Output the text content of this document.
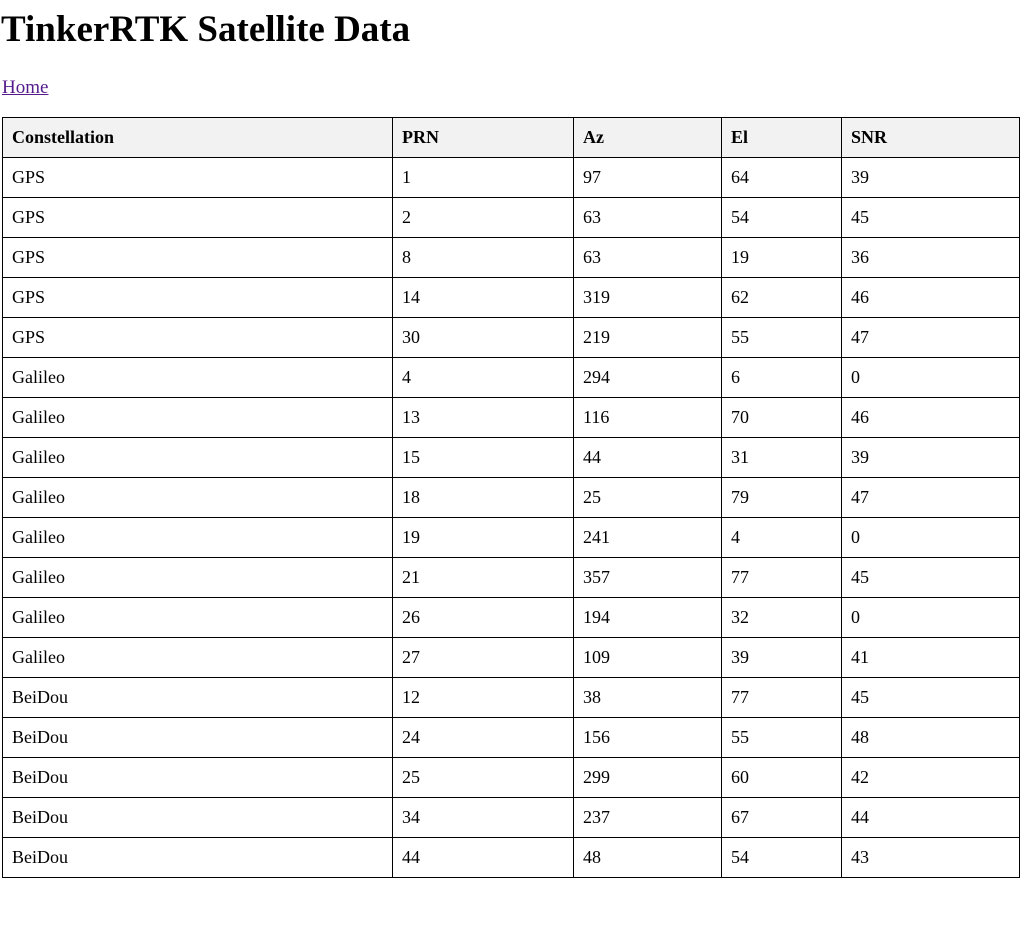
TinkerRTK Satellite Data
Home
Constellation	PRN	Az	El	SNR
GPS	1	97	64	39
GPS	2	63	54	45
GPS	8	63	19	36
GPS	14	319	62	46
GPS	30	219	55	47
Galileo	4	294	6	0
Galileo	13	116	70	46
Galileo	15	44	31	39
Galileo	18	25	79	47
Galileo	19	241	4	0
Galileo	21	357	77	45
Galileo	26	194	32	0
Galileo	27	109	39	41
BeiDou	12	38	77	45
BeiDou	24	156	55	48
BeiDou	25	299	60	42
BeiDou	34	237	67	44
BeiDou	44	48	54	43
